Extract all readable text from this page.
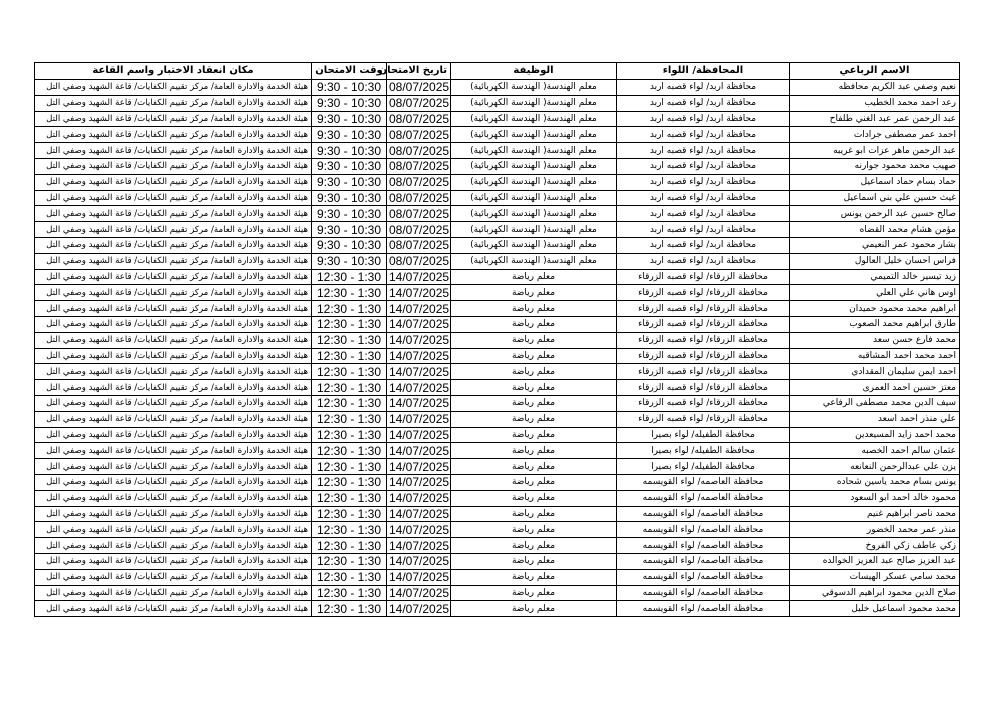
الاسم الرباعي	المحافظة/ اللواء	الوظيفة	تاريخ الامتحان	وقت الامتحان	مكان انعقاد الاختبار واسم القاعة
نعيم وصفي عبد الكريم محافظه	محافظة اربد/ لواء قصبه اربد	معلم الهندسة( الهندسة الكهربائية)	08/07/2025	9:30 - 10:30	هيئة الخدمة والادارة العامة/ مركز تقييم الكفايات/ قاعة الشهيد وصفي التل
رعد احمد محمد الخطيب	محافظة اربد/ لواء قصبه اربد	معلم الهندسة( الهندسة الكهربائية)	08/07/2025	9:30 - 10:30	هيئة الخدمة والادارة العامة/ مركز تقييم الكفايات/ قاعة الشهيد وصفي التل
عبد الرحمن عمر عبد الغني طلفاح	محافظة اربد/ لواء قصبه اربد	معلم الهندسة( الهندسة الكهربائية)	08/07/2025	9:30 - 10:30	هيئة الخدمة والادارة العامة/ مركز تقييم الكفايات/ قاعة الشهيد وصفي التل
احمد عمر مصطفى جرادات	محافظة اربد/ لواء قصبه اربد	معلم الهندسة( الهندسة الكهربائية)	08/07/2025	9:30 - 10:30	هيئة الخدمة والادارة العامة/ مركز تقييم الكفايات/ قاعة الشهيد وصفي التل
عبد الرحمن ماهر عزات ابو غريبه	محافظة اربد/ لواء قصبه اربد	معلم الهندسة( الهندسة الكهربائية)	08/07/2025	9:30 - 10:30	هيئة الخدمة والادارة العامة/ مركز تقييم الكفايات/ قاعة الشهيد وصفي التل
صهيب محمد محمود جوارنه	محافظة اربد/ لواء قصبه اربد	معلم الهندسة( الهندسة الكهربائية)	08/07/2025	9:30 - 10:30	هيئة الخدمة والادارة العامة/ مركز تقييم الكفايات/ قاعة الشهيد وصفي التل
حماد بسام حماد اسماعيل	محافظة اربد/ لواء قصبه اربد	معلم الهندسة( الهندسة الكهربائية)	08/07/2025	9:30 - 10:30	هيئة الخدمة والادارة العامة/ مركز تقييم الكفايات/ قاعة الشهيد وصفي التل
غيث حسين علي بني اسماعيل	محافظة اربد/ لواء قصبه اربد	معلم الهندسة( الهندسة الكهربائية)	08/07/2025	9:30 - 10:30	هيئة الخدمة والادارة العامة/ مركز تقييم الكفايات/ قاعة الشهيد وصفي التل
صالح حسين عبد الرحمن يونس	محافظة اربد/ لواء قصبه اربد	معلم الهندسة( الهندسة الكهربائية)	08/07/2025	9:30 - 10:30	هيئة الخدمة والادارة العامة/ مركز تقييم الكفايات/ قاعة الشهيد وصفي التل
مؤمن هشام محمد القضاه	محافظة اربد/ لواء قصبه اربد	معلم الهندسة( الهندسة الكهربائية)	08/07/2025	9:30 - 10:30	هيئة الخدمة والادارة العامة/ مركز تقييم الكفايات/ قاعة الشهيد وصفي التل
بشار محمود عمر النعيمي	محافظة اربد/ لواء قصبه اربد	معلم الهندسة( الهندسة الكهربائية)	08/07/2025	9:30 - 10:30	هيئة الخدمة والادارة العامة/ مركز تقييم الكفايات/ قاعة الشهيد وصفي التل
فراس احسان خليل العالول	محافظة اربد/ لواء قصبه اربد	معلم الهندسة( الهندسة الكهربائية)	08/07/2025	9:30 - 10:30	هيئة الخدمة والادارة العامة/ مركز تقييم الكفايات/ قاعة الشهيد وصفي التل
زيد تيسير خالد التميمي	محافظة الزرقاء/ لواء قصبه الزرقاء	معلم رياضة	14/07/2025	12:30 - 1:30	هيئة الخدمة والادارة العامة/ مركز تقييم الكفايات/ قاعة الشهيد وصفي التل
اوس هاني علي العلي	محافظة الزرقاء/ لواء قصبه الزرقاء	معلم رياضة	14/07/2025	12:30 - 1:30	هيئة الخدمة والادارة العامة/ مركز تقييم الكفايات/ قاعة الشهيد وصفي التل
ابراهيم محمد محمود حميدان	محافظة الزرقاء/ لواء قصبه الزرقاء	معلم رياضة	14/07/2025	12:30 - 1:30	هيئة الخدمة والادارة العامة/ مركز تقييم الكفايات/ قاعة الشهيد وصفي التل
طارق ابراهيم محمد الصعوب	محافظة الزرقاء/ لواء قصبه الزرقاء	معلم رياضة	14/07/2025	12:30 - 1:30	هيئة الخدمة والادارة العامة/ مركز تقييم الكفايات/ قاعة الشهيد وصفي التل
محمد فارع حسن سعد	محافظة الزرقاء/ لواء قصبه الزرقاء	معلم رياضة	14/07/2025	12:30 - 1:30	هيئة الخدمة والادارة العامة/ مركز تقييم الكفايات/ قاعة الشهيد وصفي التل
احمد محمد احمد المشاقبه	محافظة الزرقاء/ لواء قصبه الزرقاء	معلم رياضة	14/07/2025	12:30 - 1:30	هيئة الخدمة والادارة العامة/ مركز تقييم الكفايات/ قاعة الشهيد وصفي التل
احمد ايمن سليمان المقدادي	محافظة الزرقاء/ لواء قصبه الزرقاء	معلم رياضة	14/07/2025	12:30 - 1:30	هيئة الخدمة والادارة العامة/ مركز تقييم الكفايات/ قاعة الشهيد وصفي التل
معتز حسين احمد العمرى	محافظة الزرقاء/ لواء قصبه الزرقاء	معلم رياضة	14/07/2025	12:30 - 1:30	هيئة الخدمة والادارة العامة/ مركز تقييم الكفايات/ قاعة الشهيد وصفي التل
سيف الدين محمد مصطفى الرفاعي	محافظة الزرقاء/ لواء قصبه الزرقاء	معلم رياضة	14/07/2025	12:30 - 1:30	هيئة الخدمة والادارة العامة/ مركز تقييم الكفايات/ قاعة الشهيد وصفي التل
علي منذر احمد اسعد	محافظة الزرقاء/ لواء قصبه الزرقاء	معلم رياضة	14/07/2025	12:30 - 1:30	هيئة الخدمة والادارة العامة/ مركز تقييم الكفايات/ قاعة الشهيد وصفي التل
محمد احمد زايد المسيعدين	محافظة الطفيله/ لواء بصيرا	معلم رياضة	14/07/2025	12:30 - 1:30	هيئة الخدمة والادارة العامة/ مركز تقييم الكفايات/ قاعة الشهيد وصفي التل
عثمان سالم احمد الخصبه	محافظة الطفيله/ لواء بصيرا	معلم رياضة	14/07/2025	12:30 - 1:30	هيئة الخدمة والادارة العامة/ مركز تقييم الكفايات/ قاعة الشهيد وصفي التل
يزن علي عبدالرحمن النعانعه	محافظة الطفيله/ لواء بصيرا	معلم رياضة	14/07/2025	12:30 - 1:30	هيئة الخدمة والادارة العامة/ مركز تقييم الكفايات/ قاعة الشهيد وصفي التل
يونس بسام محمد ياسين شحاده	محافظة العاصمه/ لواء القويسمه	معلم رياضة	14/07/2025	12:30 - 1:30	هيئة الخدمة والادارة العامة/ مركز تقييم الكفايات/ قاعة الشهيد وصفي التل
محمود خالد احمد ابو السعود	محافظة العاصمه/ لواء القويسمه	معلم رياضة	14/07/2025	12:30 - 1:30	هيئة الخدمة والادارة العامة/ مركز تقييم الكفايات/ قاعة الشهيد وصفي التل
محمد ناصر ابراهيم غنيم	محافظة العاصمه/ لواء القويسمه	معلم رياضة	14/07/2025	12:30 - 1:30	هيئة الخدمة والادارة العامة/ مركز تقييم الكفايات/ قاعة الشهيد وصفي التل
منذر عمر محمد الخضور	محافظة العاصمه/ لواء القويسمه	معلم رياضة	14/07/2025	12:30 - 1:30	هيئة الخدمة والادارة العامة/ مركز تقييم الكفايات/ قاعة الشهيد وصفي التل
زكي عاطف زكي الفروخ	محافظة العاصمه/ لواء القويسمه	معلم رياضة	14/07/2025	12:30 - 1:30	هيئة الخدمة والادارة العامة/ مركز تقييم الكفايات/ قاعة الشهيد وصفي التل
عبد العزيز صالح عبد العزيز الخوالده	محافظة العاصمه/ لواء القويسمه	معلم رياضة	14/07/2025	12:30 - 1:30	هيئة الخدمة والادارة العامة/ مركز تقييم الكفايات/ قاعة الشهيد وصفي التل
محمد سامي عسكر الهيسات	محافظة العاصمه/ لواء القويسمه	معلم رياضة	14/07/2025	12:30 - 1:30	هيئة الخدمة والادارة العامة/ مركز تقييم الكفايات/ قاعة الشهيد وصفي التل
صلاح الدين محمود ابراهيم الدسوقي	محافظة العاصمه/ لواء القويسمه	معلم رياضة	14/07/2025	12:30 - 1:30	هيئة الخدمة والادارة العامة/ مركز تقييم الكفايات/ قاعة الشهيد وصفي التل
محمد محمود اسماعيل خليل	محافظة العاصمه/ لواء القويسمه	معلم رياضة	14/07/2025	12:30 - 1:30	هيئة الخدمة والادارة العامة/ مركز تقييم الكفايات/ قاعة الشهيد وصفي التل
